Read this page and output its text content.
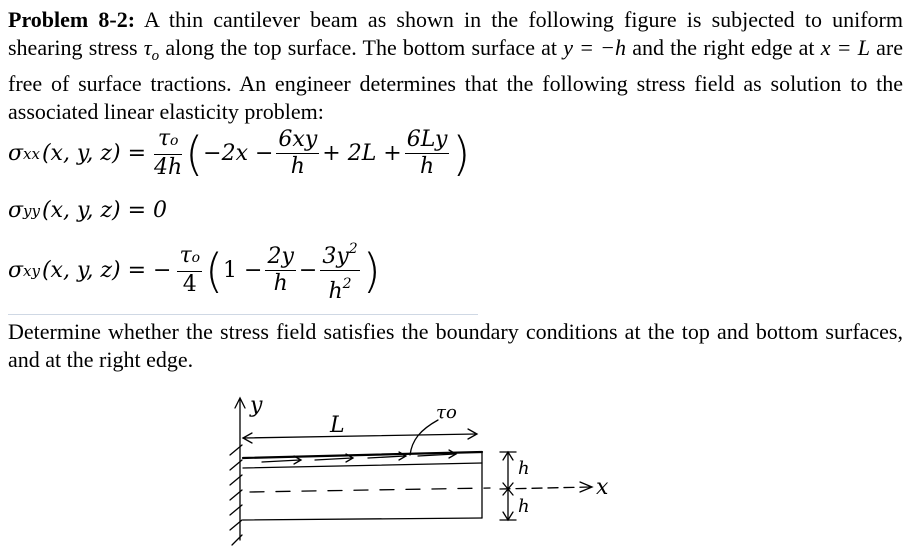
Problem 8-2: A thin cantilever beam as shown in the following figure is subjected to uniform shearing stress $\tau_o$ along the top surface. The bottom surface at y = −h and the right edge at x = L are free of surface tractions. An engineer determines that the following stress field as solution to the associated linear elasticity problem:
σ xx (x, y, $z) = \frac{\tau o}{4h}$ ( $-2x - \frac{6xy}{h} + 2L + \frac{6Ly}{h}$ )
σ yy (x, y, z) = 0
σ xy (x, y, z) = − $\frac{\tau o}{4}$ ( $1 - \frac{2y}{h} - \frac{3y^2}{h^2}$ )
Determine whether the stress field satisfies the boundary conditions at the top and bottom surfaces, and at the right edge.
y
L
τo
h
h
x
